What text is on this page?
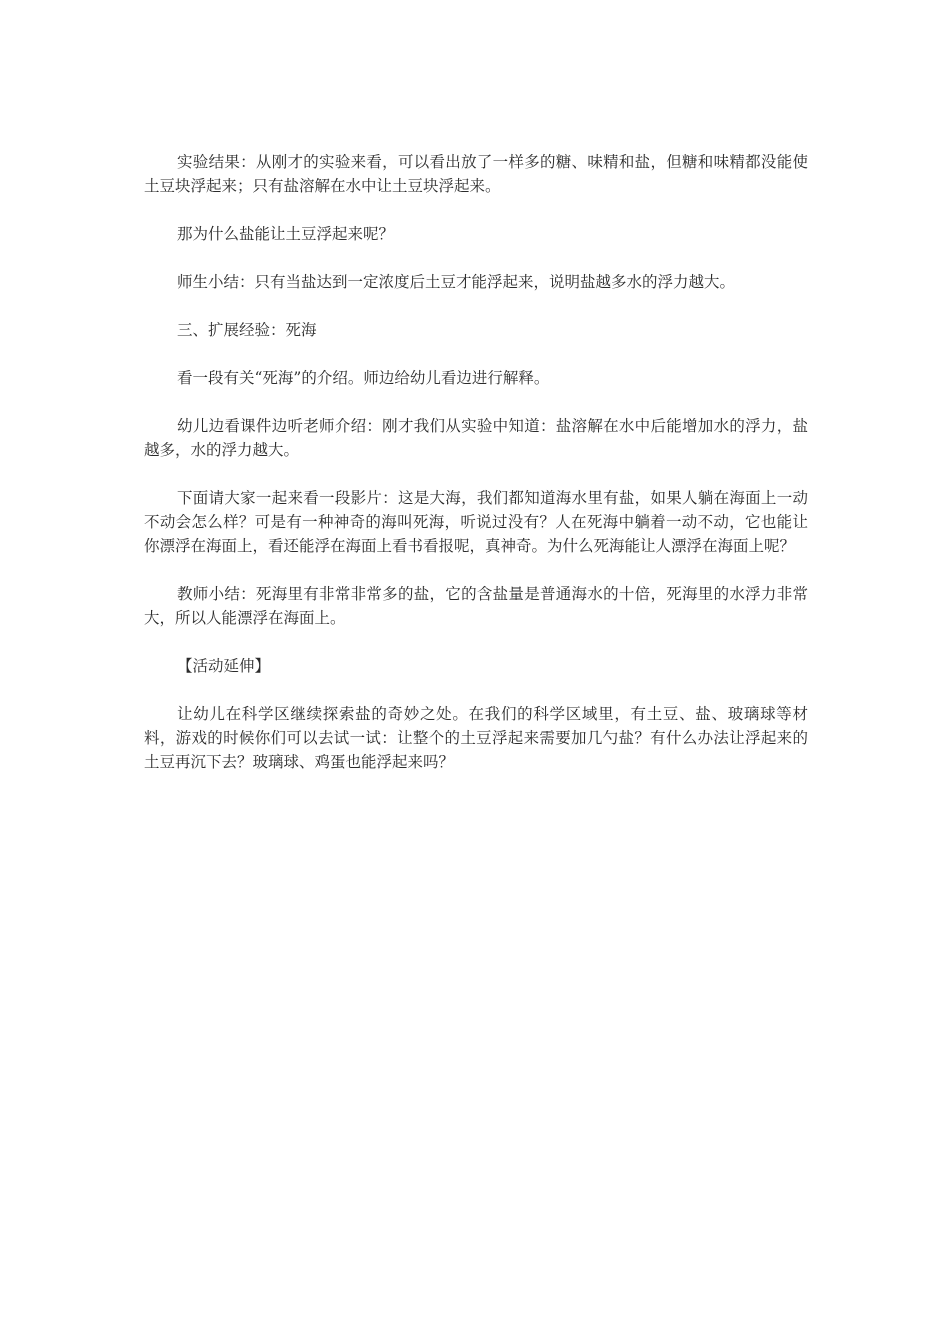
实验结果：从刚才的实验来看，可以看出放了一样多的糖、味精和盐，但糖和味精都没能使土豆块浮起来；只有盐溶解在水中让土豆块浮起来。

那为什么盐能让土豆浮起来呢？

师生小结：只有当盐达到一定浓度后土豆才能浮起来，说明盐越多水的浮力越大。

三、扩展经验：死海

看一段有关“死海”的介绍。师边给幼儿看边进行解释。

幼儿边看课件边听老师介绍：刚才我们从实验中知道：盐溶解在水中后能增加水的浮力，盐越多，水的浮力越大。

下面请大家一起来看一段影片：这是大海，我们都知道海水里有盐，如果人躺在海面上一动不动会怎么样？可是有一种神奇的海叫死海，听说过没有？人在死海中躺着一动不动，它也能让你漂浮在海面上，看还能浮在海面上看书看报呢，真神奇。为什么死海能让人漂浮在海面上呢？

教师小结：死海里有非常非常多的盐，它的含盐量是普通海水的十倍，死海里的水浮力非常大，所以人能漂浮在海面上。

【活动延伸】

让幼儿在科学区继续探索盐的奇妙之处。在我们的科学区域里，有土豆、盐、玻璃球等材料，游戏的时候你们可以去试一试：让整个的土豆浮起来需要加几勺盐？有什么办法让浮起来的土豆再沉下去？玻璃球、鸡蛋也能浮起来吗？
